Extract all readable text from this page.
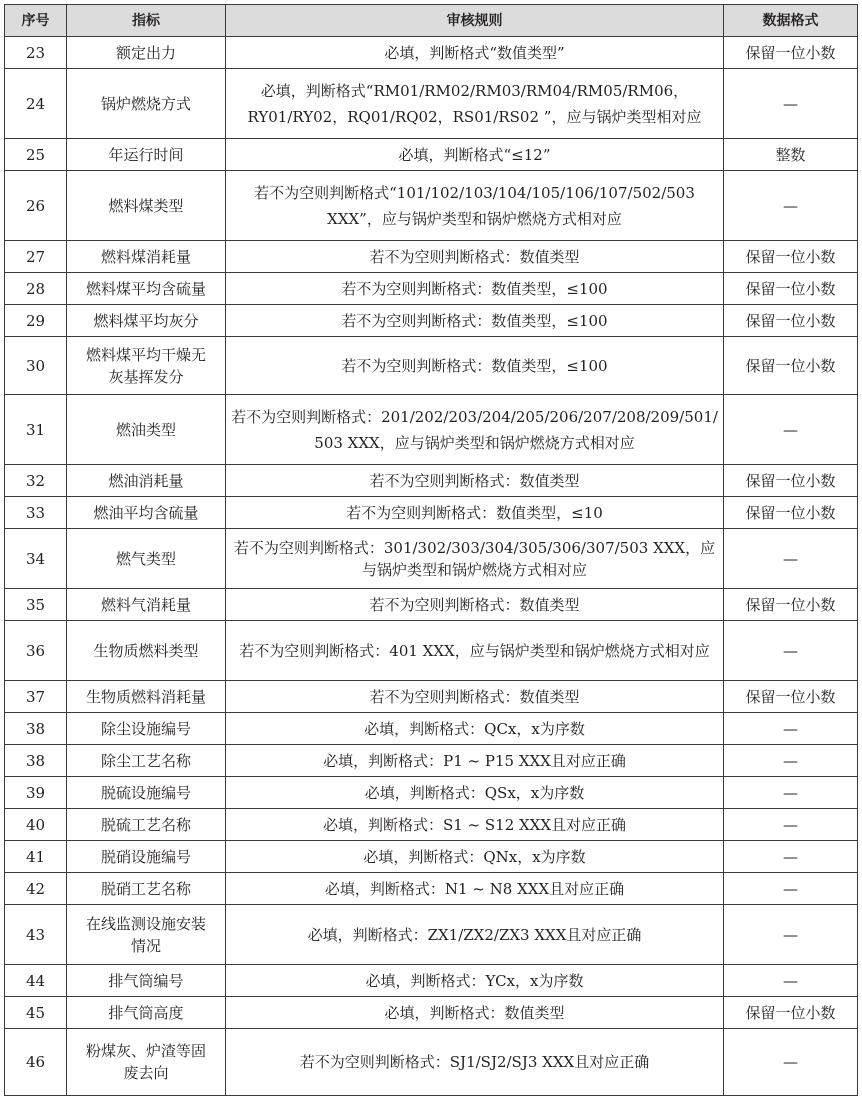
序号	指标	审核规则	数据格式
23	额定出力	必填，判断格式“数值类型”	保留一位小数
24	锅炉燃烧方式	必填，判断格式“RM01/RM02/RM03/RM04/RM05/RM06，RY01/RY02，RQ01/RQ02，RS01/RS02 ”，应与锅炉类型相对应	—
25	年运行时间	必填，判断格式“≤12”	整数
26	燃料煤类型	若不为空则判断格式“101/102/103/104/105/106/107/502/503 XXX”，应与锅炉类型和锅炉燃烧方式相对应	—
27	燃料煤消耗量	若不为空则判断格式：数值类型	保留一位小数
28	燃料煤平均含硫量	若不为空则判断格式：数值类型，≤100	保留一位小数
29	燃料煤平均灰分	若不为空则判断格式：数值类型，≤100	保留一位小数
30	燃料煤平均干燥无灰基挥发分	若不为空则判断格式：数值类型，≤100	保留一位小数
31	燃油类型	若不为空则判断格式：201/202/203/204/205/206/207/208/209/501/503 XXX，应与锅炉类型和锅炉燃烧方式相对应	—
32	燃油消耗量	若不为空则判断格式：数值类型	保留一位小数
33	燃油平均含硫量	若不为空则判断格式：数值类型，≤10	保留一位小数
34	燃气类型	若不为空则判断格式：301/302/303/304/305/306/307/503 XXX，应与锅炉类型和锅炉燃烧方式相对应	—
35	燃料气消耗量	若不为空则判断格式：数值类型	保留一位小数
36	生物质燃料类型	若不为空则判断格式：401 XXX，应与锅炉类型和锅炉燃烧方式相对应	—
37	生物质燃料消耗量	若不为空则判断格式：数值类型	保留一位小数
38	除尘设施编号	必填，判断格式：QCx，x为序数	—
38	除尘工艺名称	必填，判断格式：P1 ~ P15 XXX且对应正确	—
39	脱硫设施编号	必填，判断格式：QSx，x为序数	—
40	脱硫工艺名称	必填，判断格式：S1 ~ S12 XXX且对应正确	—
41	脱硝设施编号	必填，判断格式：QNx，x为序数	—
42	脱硝工艺名称	必填，判断格式：N1 ~ N8 XXX且对应正确	—
43	在线监测设施安装情况	必填，判断格式：ZX1/ZX2/ZX3 XXX且对应正确	—
44	排气筒编号	必填，判断格式：YCx，x为序数	—
45	排气筒高度	必填，判断格式：数值类型	保留一位小数
46	粉煤灰、炉渣等固废去向	若不为空则判断格式：SJ1/SJ2/SJ3 XXX且对应正确	—
